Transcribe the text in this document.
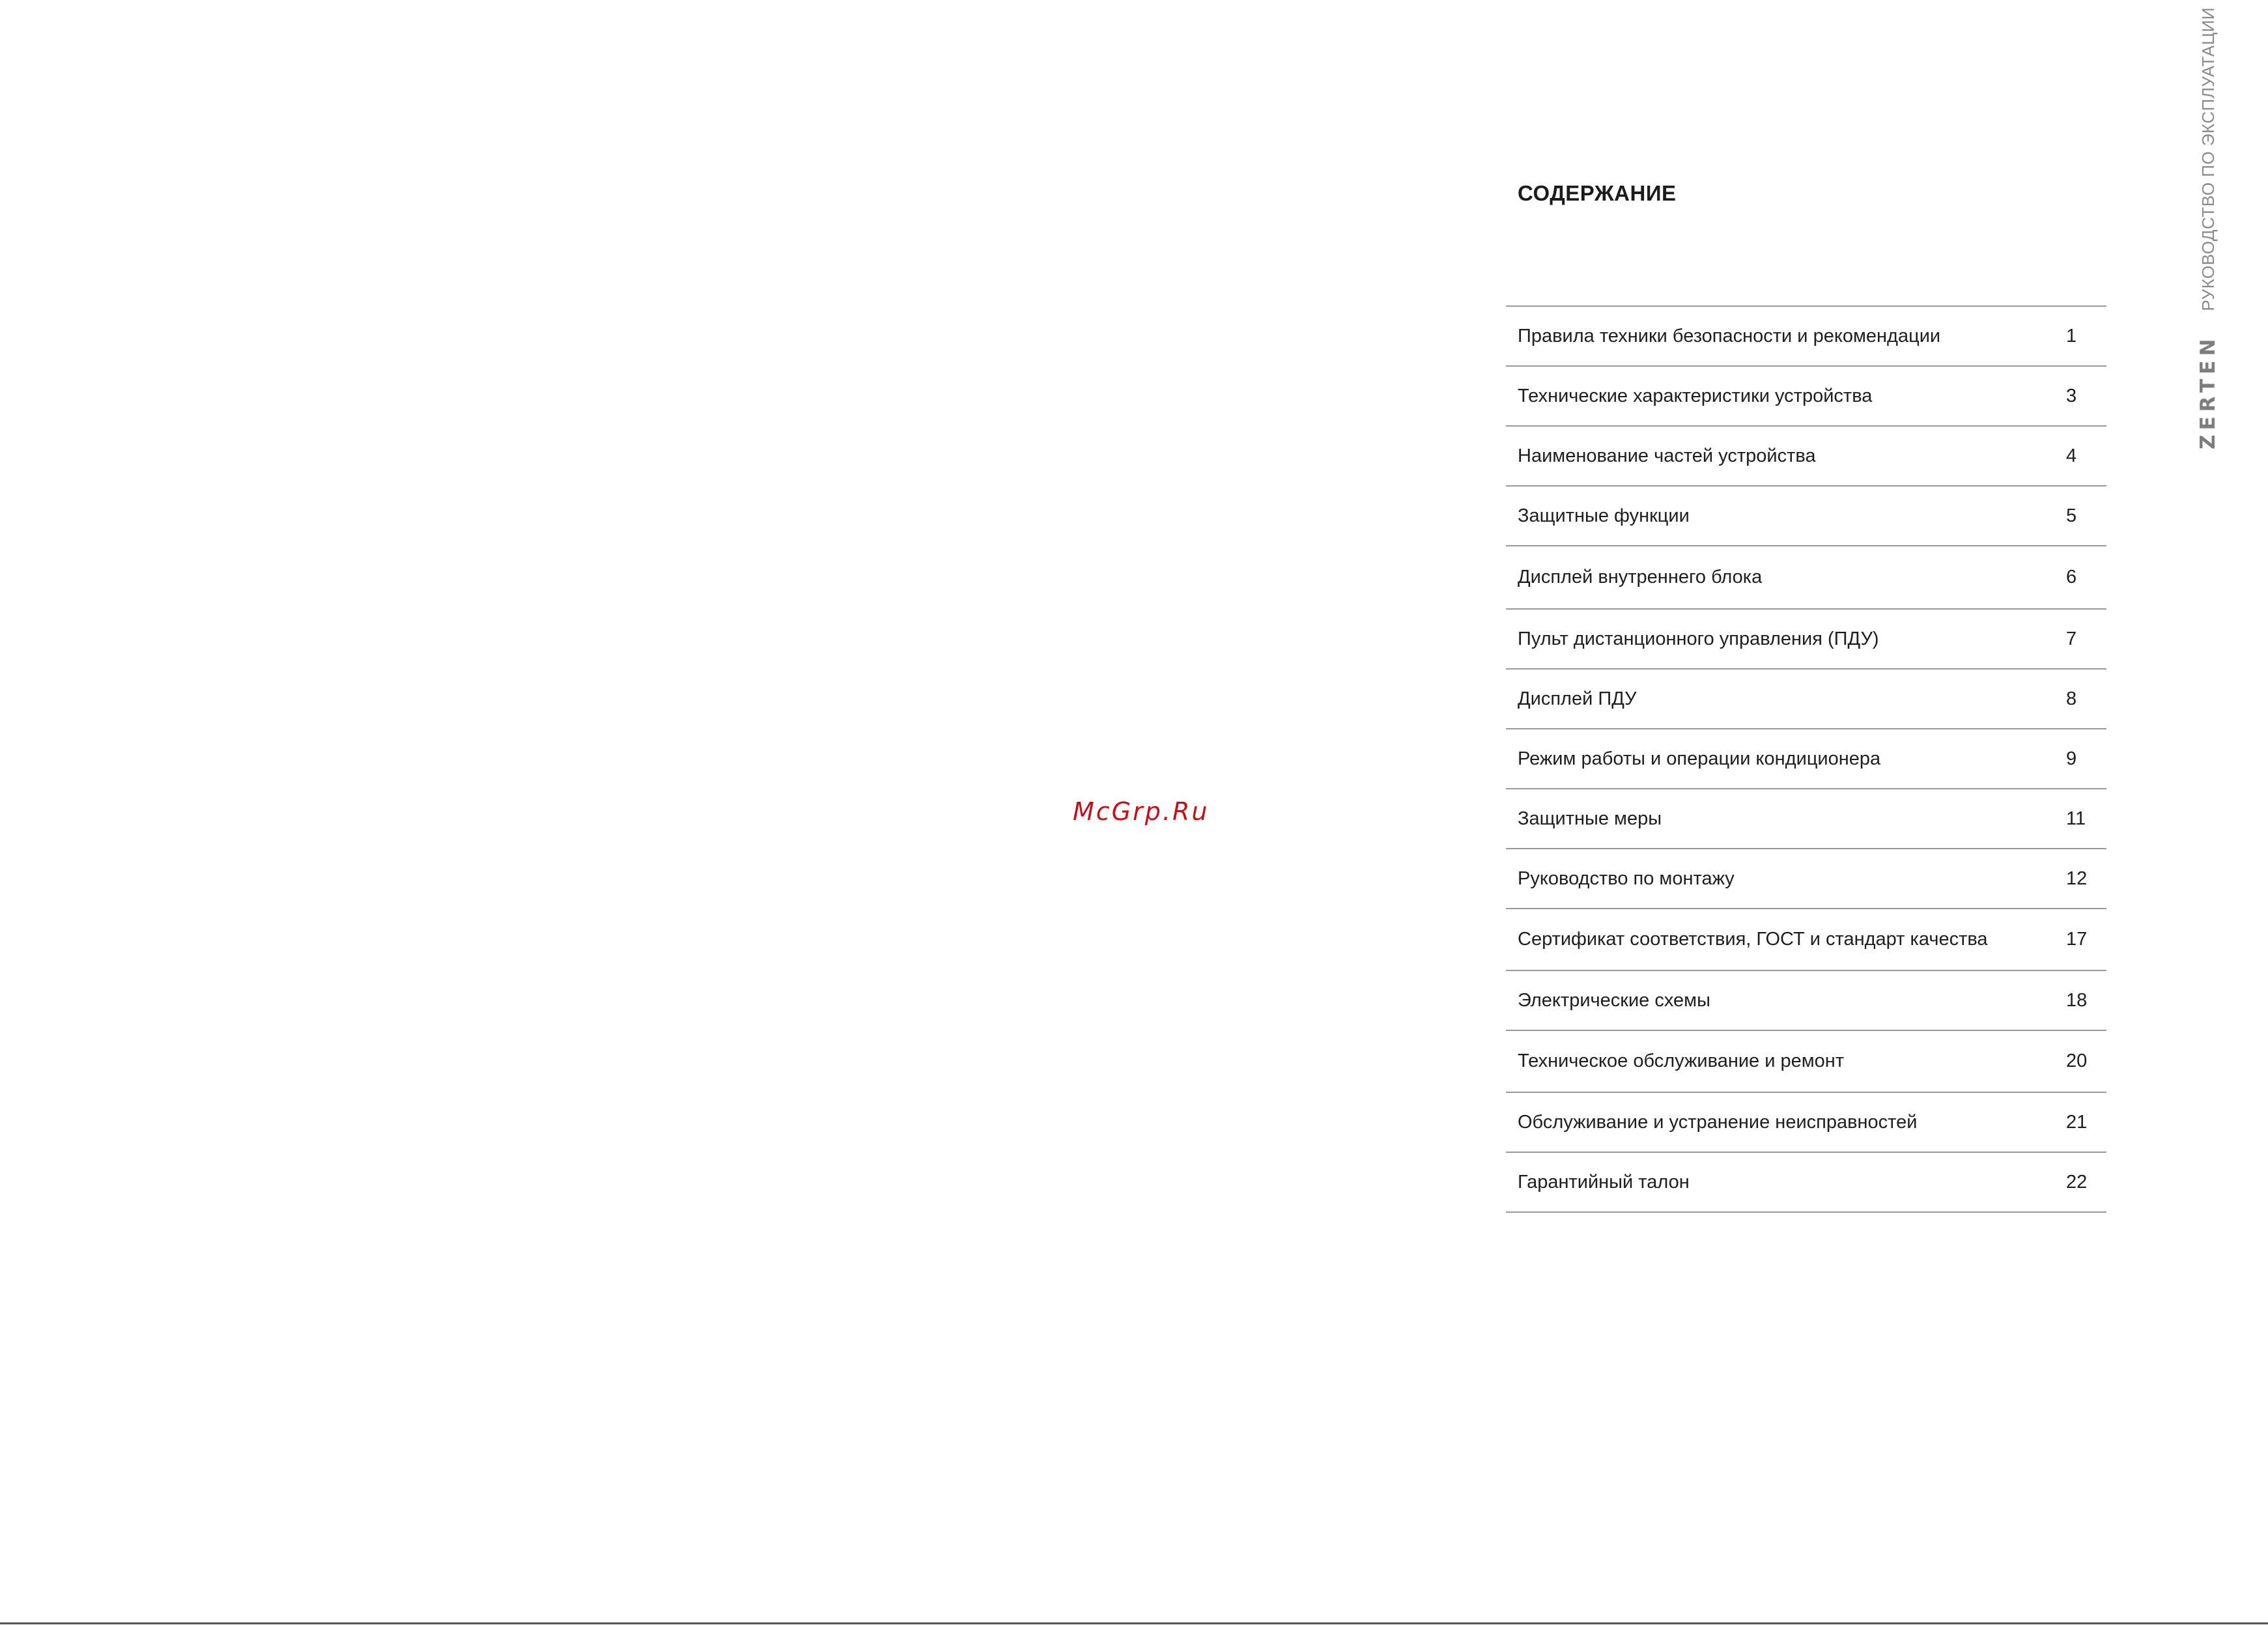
McGrp.Ru
СОДЕРЖАНИЕ
Правила техники безопасности и рекомендации	1
Технические характеристики устройства	3
Наименование частей устройства	4
Защитные функции	5
Дисплей внутреннего блока	6
Пульт дистанционного управления (ПДУ)	7
Дисплей ПДУ	8
Режим работы и операции кондиционера	9
Защитные меры	11
Руководство по монтажу	12
Сертификат соответствия, ГОСТ и стандарт качества	17
Электрические схемы	18
Техническое обслуживание и ремонт	20
Обслуживание и устранение неисправностей	21
Гарантийный талон	22
ZERTEN
РУКОВОДСТВО ПО ЭКСПЛУАТАЦИИ
